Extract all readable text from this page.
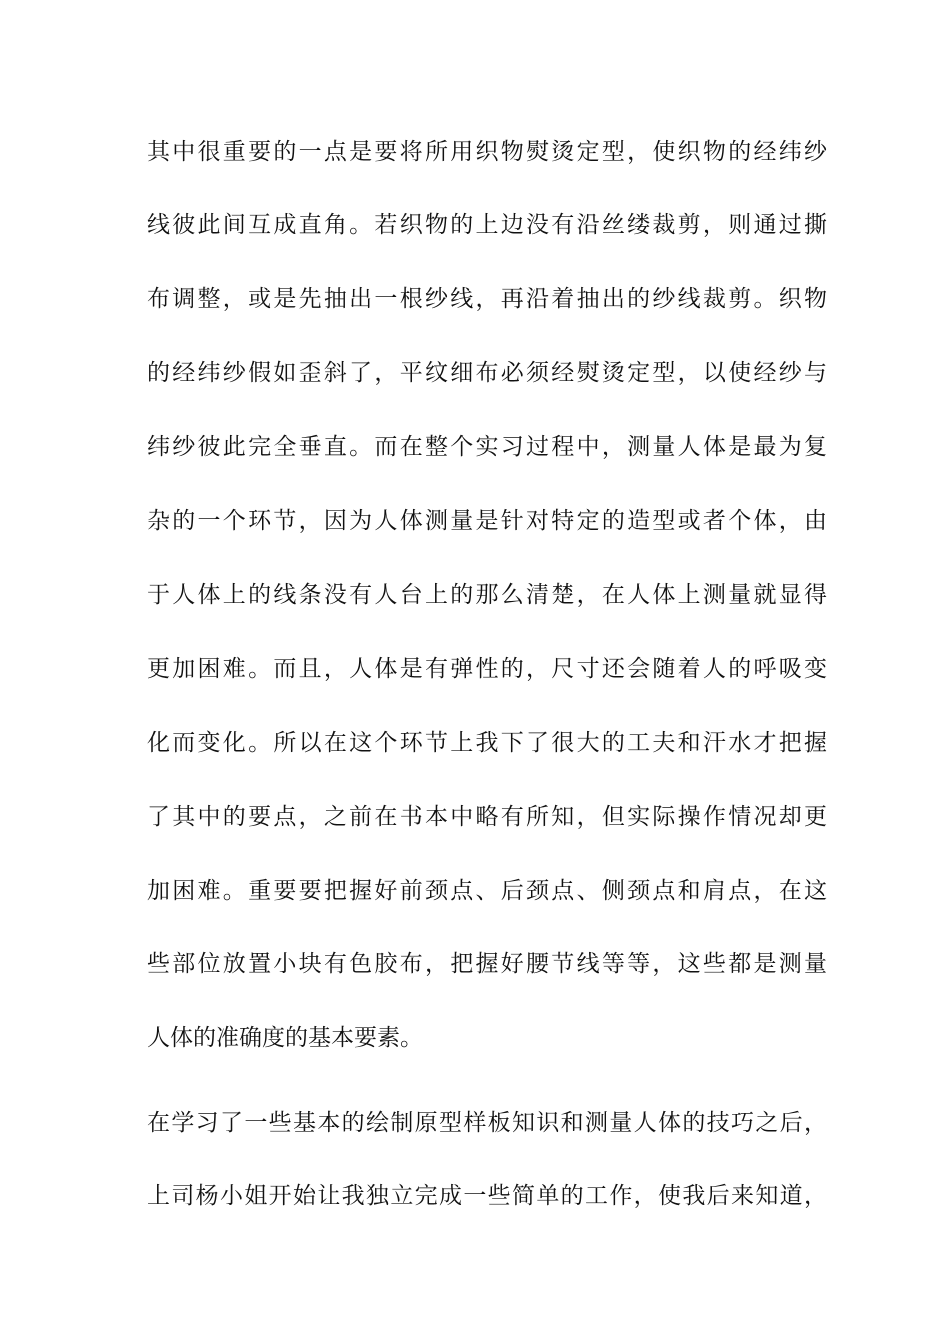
其中很重要的一点是要将所用织物熨烫定型，使织物的经纬纱
线彼此间互成直角。若织物的上边没有沿丝缕裁剪，则通过撕
布调整，或是先抽出一根纱线，再沿着抽出的纱线裁剪。织物
的经纬纱假如歪斜了，平纹细布必须经熨烫定型，以使经纱与
纬纱彼此完全垂直。而在整个实习过程中，测量人体是最为复
杂的一个环节，因为人体测量是针对特定的造型或者个体，由
于人体上的线条没有人台上的那么清楚，在人体上测量就显得
更加困难。而且，人体是有弹性的，尺寸还会随着人的呼吸变
化而变化。所以在这个环节上我下了很大的工夫和汗水才把握
了其中的要点，之前在书本中略有所知，但实际操作情况却更
加困难。重要要把握好前颈点、后颈点、侧颈点和肩点，在这
些部位放置小块有色胶布，把握好腰节线等等，这些都是测量
人体的准确度的基本要素。
在学习了一些基本的绘制原型样板知识和测量人体的技巧之后，
上司杨小姐开始让我独立完成一些简单的工作，使我后来知道，
